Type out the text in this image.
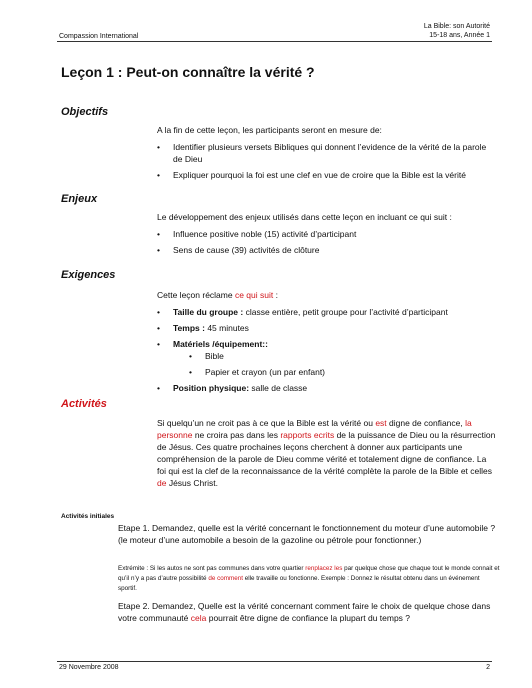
Compassion International
La Bible: son Autorité
15-18 ans, Année 1
Leçon 1 : Peut-on connaître la vérité ?
Objectifs

A la fin de cette leçon, les participants seront en mesure de:

• Identifier plusieurs versets Bibliques qui donnent l’evidence de la vérité de la parole de Dieu
• Expliquer pourquoi la foi est une clef en vue de croire que la Bible est la vérité
Enjeux

Le développement des enjeux utilisés dans cette leçon en incluant ce qui suit :

• Influence positive noble (15) activité d’participant
• Sens de cause (39) activités de clôture
Exigences

Cette leçon réclame ce qui suit :

• Taille du groupe : classe entière, petit groupe pour l’activité d’participant
• Temps : 45 minutes
• Matériels /équipement::
• Bible
• Papier et crayon (un par enfant)
• Position physique: salle de classe
Activités

Si quelqu’un ne croit pas à ce que la Bible est la vérité ou est digne de confiance, la personne ne croira pas dans les rapports ecrits de la puissance de Dieu ou la résurrection de Jésus. Ces quatre prochaines leçons cherchent à donner aux participants une compréhension de la parole de Dieu comme vérité et totalement digne de confiance. La foi qui est la clef de la reconnaissance de la vérité complète la parole de la Bible et celles de Jésus Christ.

Activités initiales
Etape 1. Demandez, quelle est la vérité concernant le fonctionnement du moteur d’une automobile ? (le moteur d’une automobile a besoin de la gazoline ou pétrole pour fonctionner.)
Extrémite : Si les autos ne sont pas communes dans votre quartier renplacez les par quelque chose que chaque tout le monde connait et qu’il n’y a pas d’autre possibilité de comment elle travaille ou fonctionne. Exemple : Donnez le résultat obtenu dans un événement sportif.
Etape 2. Demandez, Quelle est la vérité concernant comment faire le choix de quelque chose dans votre communauté cela pourrait être digne de confiance la plupart du temps ?
29 Novembre 2008	2
